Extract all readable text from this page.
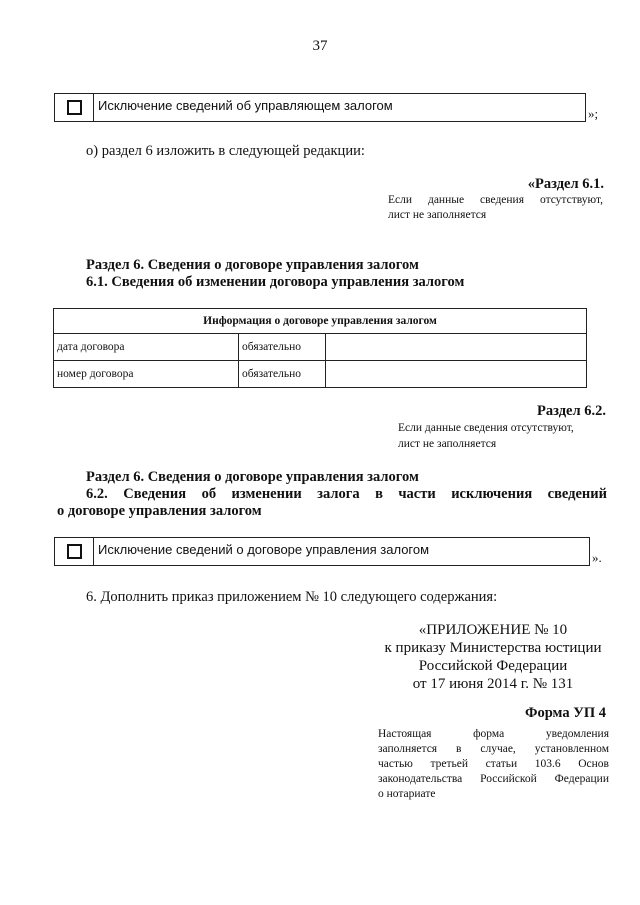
37
Исключение сведений об управляющем залогом
»;
о) раздел 6 изложить в следующей редакции:
«Раздел 6.1.
Если данные сведения отсутствуют,
лист не заполняется
Раздел 6. Сведения о договоре управления залогом
6.1. Сведения об изменении договора управления залогом
Информация о договоре управления залогом		
дата договора	обязательно	
номер договора	обязательно	
Раздел 6.2.
Если данные сведения отсутствуют,
лист не заполняется
Раздел 6. Сведения о договоре управления залогом
6.2. Сведения об изменении залога в части исключения сведений
о договоре управления залогом
Исключение сведений о договоре управления залогом
».
6. Дополнить приказ приложением № 10 следующего содержания:
«ПРИЛОЖЕНИЕ № 10
к приказу Министерства юстиции
Российской Федерации
от 17 июня 2014 г. № 131
Форма УП 4
Настоящая форма уведомления
заполняется в случае, установленном
частью третьей статьи 103.6 Основ
законодательства Российской Федерации
о нотариате
